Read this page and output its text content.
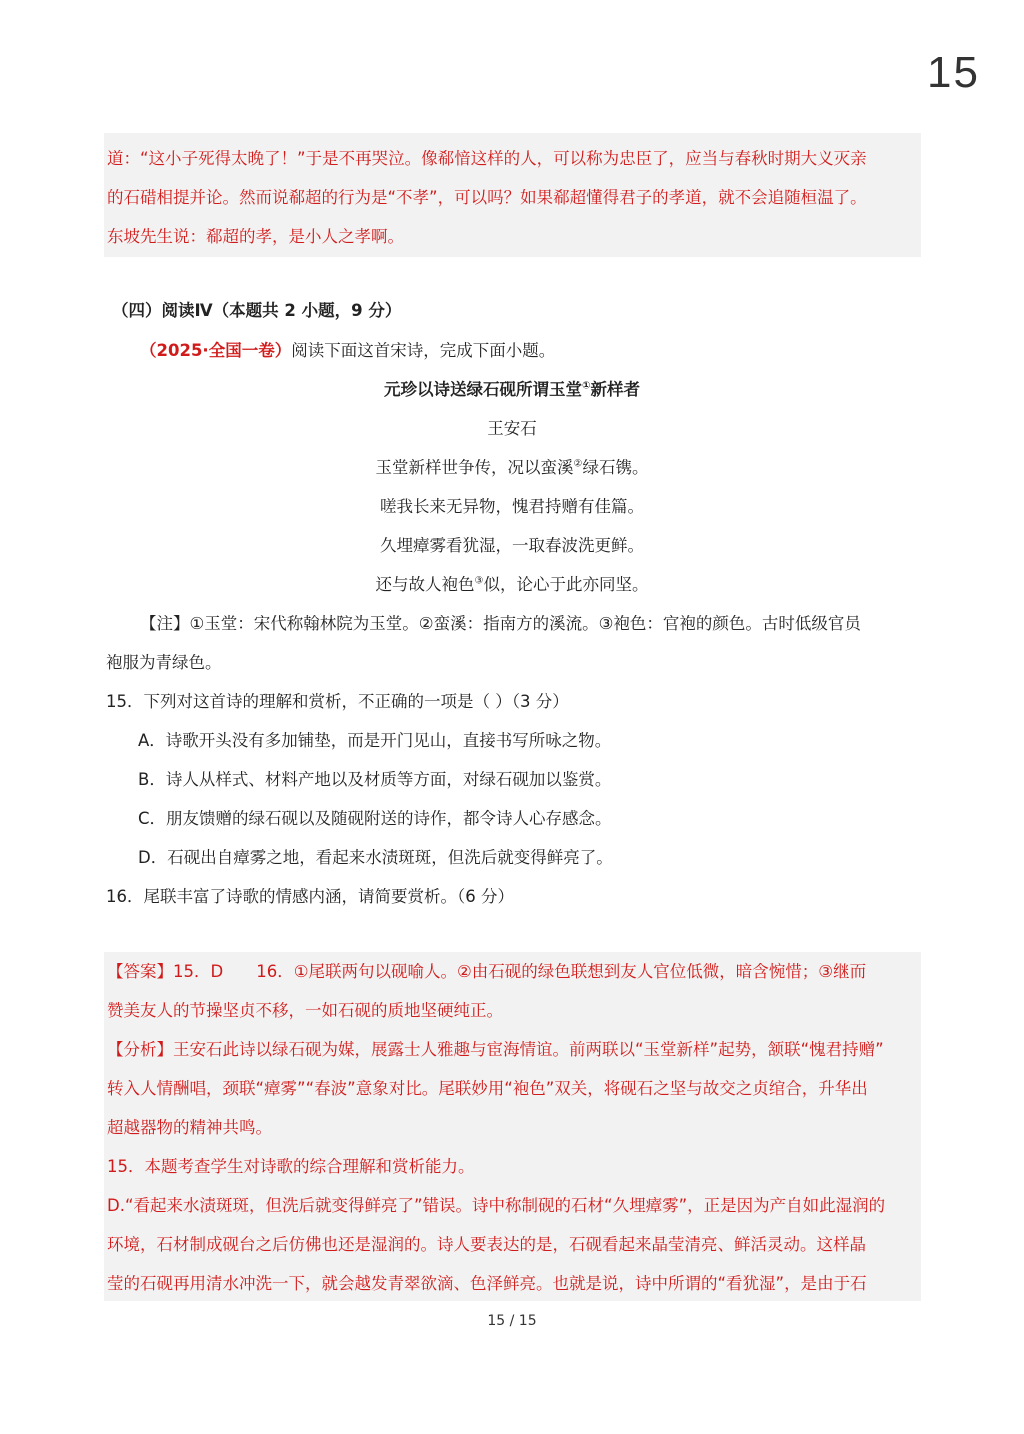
15
道：“这小子死得太晚了！”于是不再哭泣。像郗愔这样的人，可以称为忠臣了，应当与春秋时期大义灭亲
的石碏相提并论。然而说郗超的行为是“不孝”，可以吗？如果郗超懂得君子的孝道，就不会追随桓温了。
东坡先生说：郗超的孝，是小人之孝啊。
（四）阅读Ⅳ（本题共 2 小题，9 分）
（2025·全国一卷）阅读下面这首宋诗，完成下面小题。
元珍以诗送绿石砚所谓玉堂①新样者
王安石
玉堂新样世争传，况以蛮溪②绿石镌。
嗟我长来无异物，愧君持赠有佳篇。
久埋瘴雾看犹湿，一取春波洗更鲜。
还与故人袍色③似，论心于此亦同坚。
【注】①玉堂：宋代称翰林院为玉堂。②蛮溪：指南方的溪流。③袍色：官袍的颜色。古时低级官员
袍服为青绿色。
15．下列对这首诗的理解和赏析，不正确的一项是（ ）（3 分）
A．诗歌开头没有多加铺垫，而是开门见山，直接书写所咏之物。
B．诗人从样式、材料产地以及材质等方面，对绿石砚加以鉴赏。
C．朋友馈赠的绿石砚以及随砚附送的诗作，都令诗人心存感念。
D．石砚出自瘴雾之地，看起来水渍斑斑，但洗后就变得鲜亮了。
16．尾联丰富了诗歌的情感内涵，请简要赏析。（6 分）
【答案】15．D　　16．①尾联两句以砚喻人。②由石砚的绿色联想到友人官位低微，暗含惋惜；③继而
赞美友人的节操坚贞不移，一如石砚的质地坚硬纯正。
【分析】王安石此诗以绿石砚为媒，展露士人雅趣与宦海情谊。前两联以“玉堂新样”起势，颔联“愧君持赠”
转入人情酬唱，颈联“瘴雾”“春波”意象对比。尾联妙用“袍色”双关，将砚石之坚与故交之贞绾合，升华出
超越器物的精神共鸣。
15．本题考查学生对诗歌的综合理解和赏析能力。
D.“看起来水渍斑斑，但洗后就变得鲜亮了”错误。诗中称制砚的石材“久埋瘴雾”，正是因为产自如此湿润的
环境，石材制成砚台之后仿佛也还是湿润的。诗人要表达的是，石砚看起来晶莹清亮、鲜活灵动。这样晶
莹的石砚再用清水冲洗一下，就会越发青翠欲滴、色泽鲜亮。也就是说，诗中所谓的“看犹湿”，是由于石
15 / 15
